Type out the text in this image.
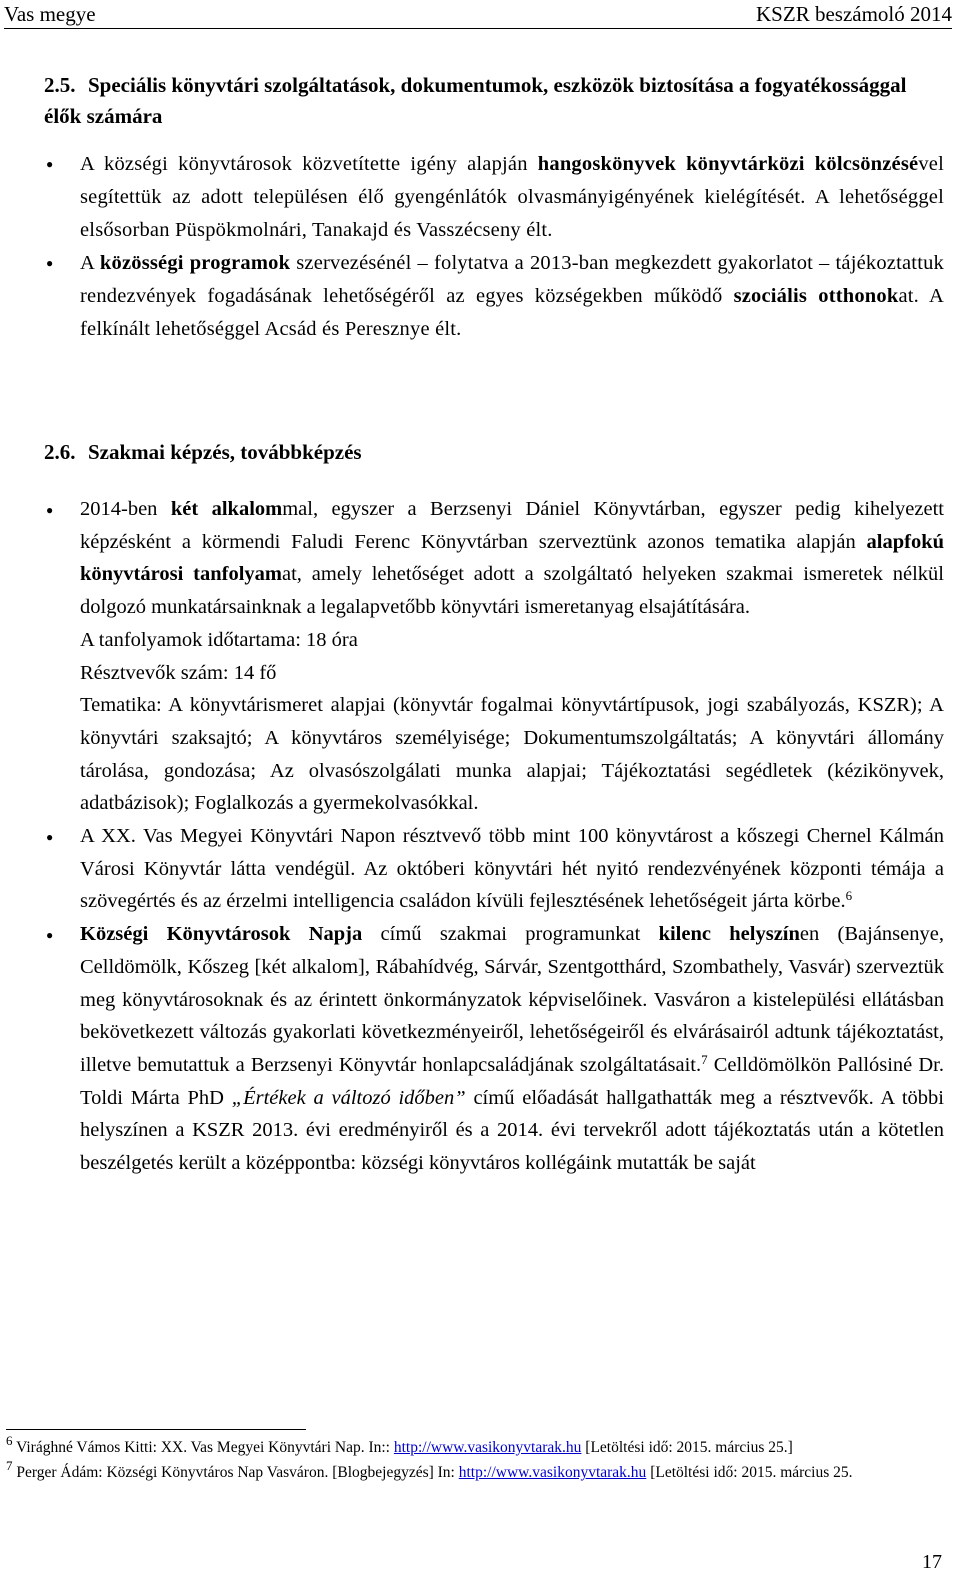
Vas megye	KSZR beszámoló 2014
2.5. Speciális könyvtári szolgáltatások, dokumentumok, eszközök biztosítása a fogyatékossággal élők számára
● A községi könyvtárosok közvetítette igény alapján hangoskönyvek könyvtárközi kölcsönzésével segítettük az adott településen élő gyengénlátók olvasmányigényének kielégítését. A lehetőséggel elsősorban Püspökmolnári, Tanakajd és Vasszécseny élt.
● A közösségi programok szervezésénél – folytatva a 2013-ban megkezdett gyakorlatot – tájékoztattuk rendezvények fogadásának lehetőségéről az egyes községekben működő szociális otthonokat. A felkínált lehetőséggel Acsád és Peresznye élt.
2.6. Szakmai képzés, továbbképzés
● 2014-ben két alkalommal, egyszer a Berzsenyi Dániel Könyvtárban, egyszer pedig kihelyezett képzésként a körmendi Faludi Ferenc Könyvtárban szerveztünk azonos tematika alapján alapfokú könyvtárosi tanfolyamat, amely lehetőséget adott a szolgáltató helyeken szakmai ismeretek nélkül dolgozó munkatársainknak a legalapvetőbb könyvtári ismeretanyag elsajátítására.
A tanfolyamok időtartama: 18 óra
Résztvevők szám: 14 fő
Tematika: A könyvtárismeret alapjai (könyvtár fogalmai könyvtártípusok, jogi szabályozás, KSZR); A könyvtári szaksajtó; A könyvtáros személyisége; Dokumentumszolgáltatás; A könyvtári állomány tárolása, gondozása; Az olvasószolgálati munka alapjai; Tájékoztatási segédletek (kézikönyvek, adatbázisok); Foglalkozás a gyermekolvasókkal.
● A XX. Vas Megyei Könyvtári Napon résztvevő több mint 100 könyvtárost a kőszegi Chernel Kálmán Városi Könyvtár látta vendégül. Az októberi könyvtári hét nyitó rendezvényének központi témája a szövegértés és az érzelmi intelligencia családon kívüli fejlesztésének lehetőségeit járta körbe.$^6$
● Községi Könyvtárosok Napja című szakmai programunkat kilenc helyszínen (Bajánsenye, Celldömölk, Kőszeg [két alkalom], Rábahídvég, Sárvár, Szentgotthárd, Szombathely, Vasvár) szerveztük meg könyvtárosoknak és az érintett önkormányzatok képviselőinek. Vasváron a kistelepülési ellátásban bekövetkezett változás gyakorlati következményeiről, lehetőségeiről és elvárásairól adtunk tájékoztatást, illetve bemutattuk a Berzsenyi Könyvtár honlapcsaládjának szolgáltatásait.$^7$ Celldömölkön Pallósiné Dr. Toldi Márta PhD „Értékek a változó időben” című előadását hallgathatták meg a résztvevők. A többi helyszínen a KSZR 2013. évi eredményiről és a 2014. évi tervekről adott tájékoztatás után a kötetlen beszélgetés került a középpontba: községi könyvtáros kollégáink mutatták be saját

$^6$ Virághné Vámos Kitti: XX. Vas Megyei Könyvtári Nap. In:: http://www.vasikonyvtarak.hu [Letöltési idő: 2015. március 25.]

$^7$ Perger Ádám: Községi Könyvtáros Nap Vasváron. [Blogbejegyzés] In: http://www.vasikonyvtarak.hu [Letöltési idő: 2015. március 25.

17
